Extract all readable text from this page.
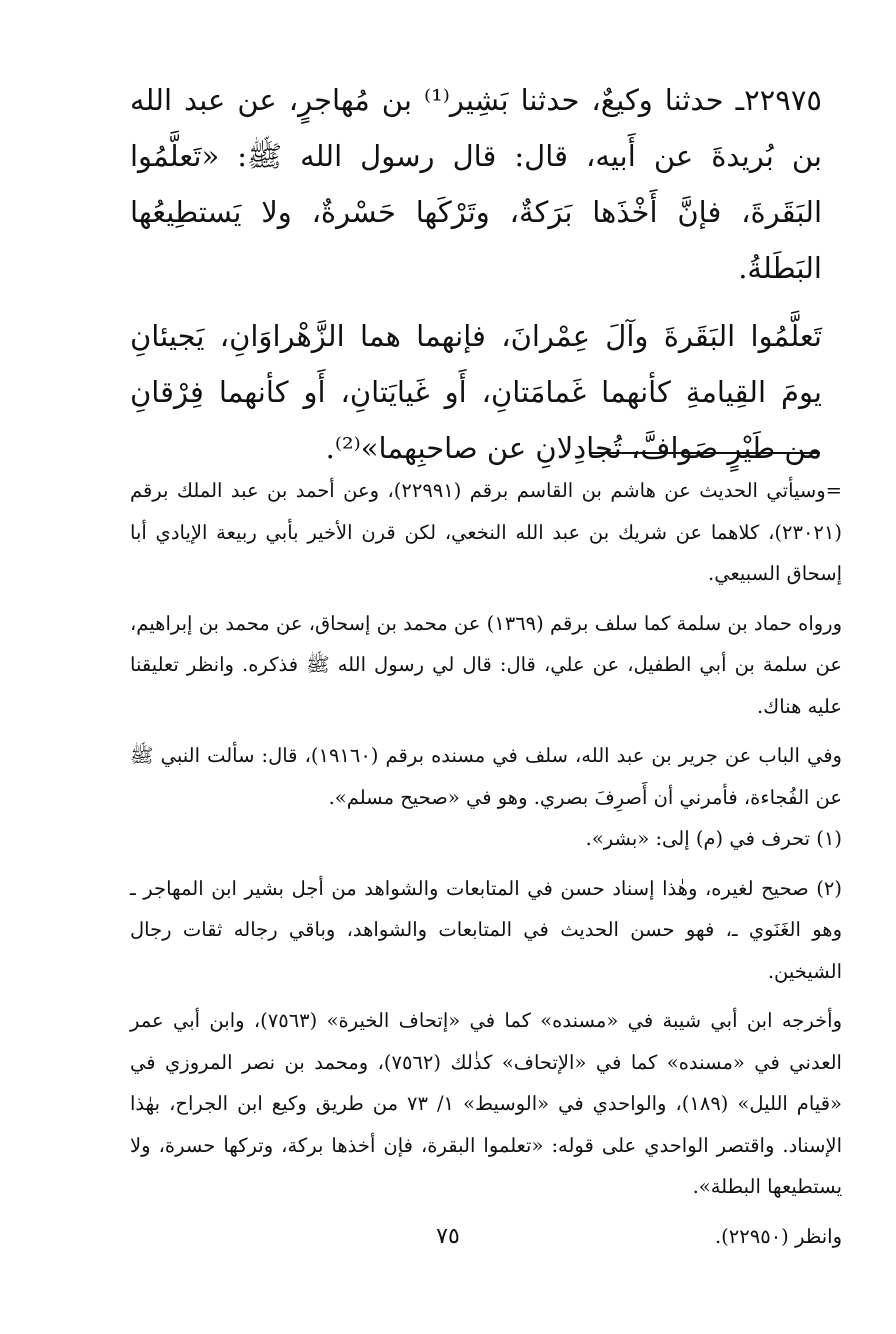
٢٢٩٧٥ـ حدثنا وكيعٌ، حدثنا بَشِير⁽¹⁾ بن مُهاجرٍ، عن عبد الله بن بُريدةَ عن أَبيه، قال: قال رسول الله ﷺ: «تَعلَّمُوا البَقَرةَ، فإنَّ أَخْذَها بَرَكةٌ، وتَرْكَها حَسْرةٌ، ولا يَستطِيعُها البَطَلةُ.

تَعلَّمُوا البَقَرةَ وآلَ عِمْرانَ، فإنهما هما الزَّهْراوَانِ، يَجيئانِ يومَ القِيامةِ كأنهما غَمامَتانِ، أَو غَيايَتانِ، أَو كأنهما فِرْقانِ من طَيْرٍ صَوافَّ، تُجادِلانِ عن صاحبِهما»⁽²⁾.

=وسيأتي الحديث عن هاشم بن القاسم برقم (٢٢٩٩١)، وعن أحمد بن عبد الملك برقم (٢٣٠٢١)، كلاهما عن شريك بن عبد الله النخعي، لكن قرن الأخير بأبي ربيعة الإيادي أبا إسحاق السبيعي.

ورواه حماد بن سلمة كما سلف برقم (١٣٦٩) عن محمد بن إسحاق، عن محمد بن إبراهيم، عن سلمة بن أبي الطفيل، عن علي، قال: قال لي رسول الله ﷺ فذكره. وانظر تعليقنا عليه هناك.

وفي الباب عن جرير بن عبد الله، سلف في مسنده برقم (١٩١٦٠)، قال: سألت النبي ﷺ عن الفُجاءة، فأمرني أن أَصرِفَ بصري. وهو في «صحيح مسلم».

(١) تحرف في (م) إلى: «بشر».

(٢) صحيح لغيره، وهٰذا إسناد حسن في المتابعات والشواهد من أجل بشير ابن المهاجر ـ وهو الغَنَوي ـ، فهو حسن الحديث في المتابعات والشواهد، وباقي رجاله ثقات رجال الشيخين.

وأخرجه ابن أبي شيبة في «مسنده» كما في «إتحاف الخيرة» (٧٥٦٣)، وابن أبي عمر العدني في «مسنده» كما في «الإتحاف» كذٰلك (٧٥٦٢)، ومحمد بن نصر المروزي في «قيام الليل» (١٨٩)، والواحدي في «الوسيط» ١/ ٧٣ من طريق وكيع ابن الجراح، بهٰذا الإسناد. واقتصر الواحدي على قوله: «تعلموا البقرة، فإن أخذها بركة، وتركها حسرة، ولا يستطيعها البطلة».

وانظر (٢٢٩٥٠).

٧٥
